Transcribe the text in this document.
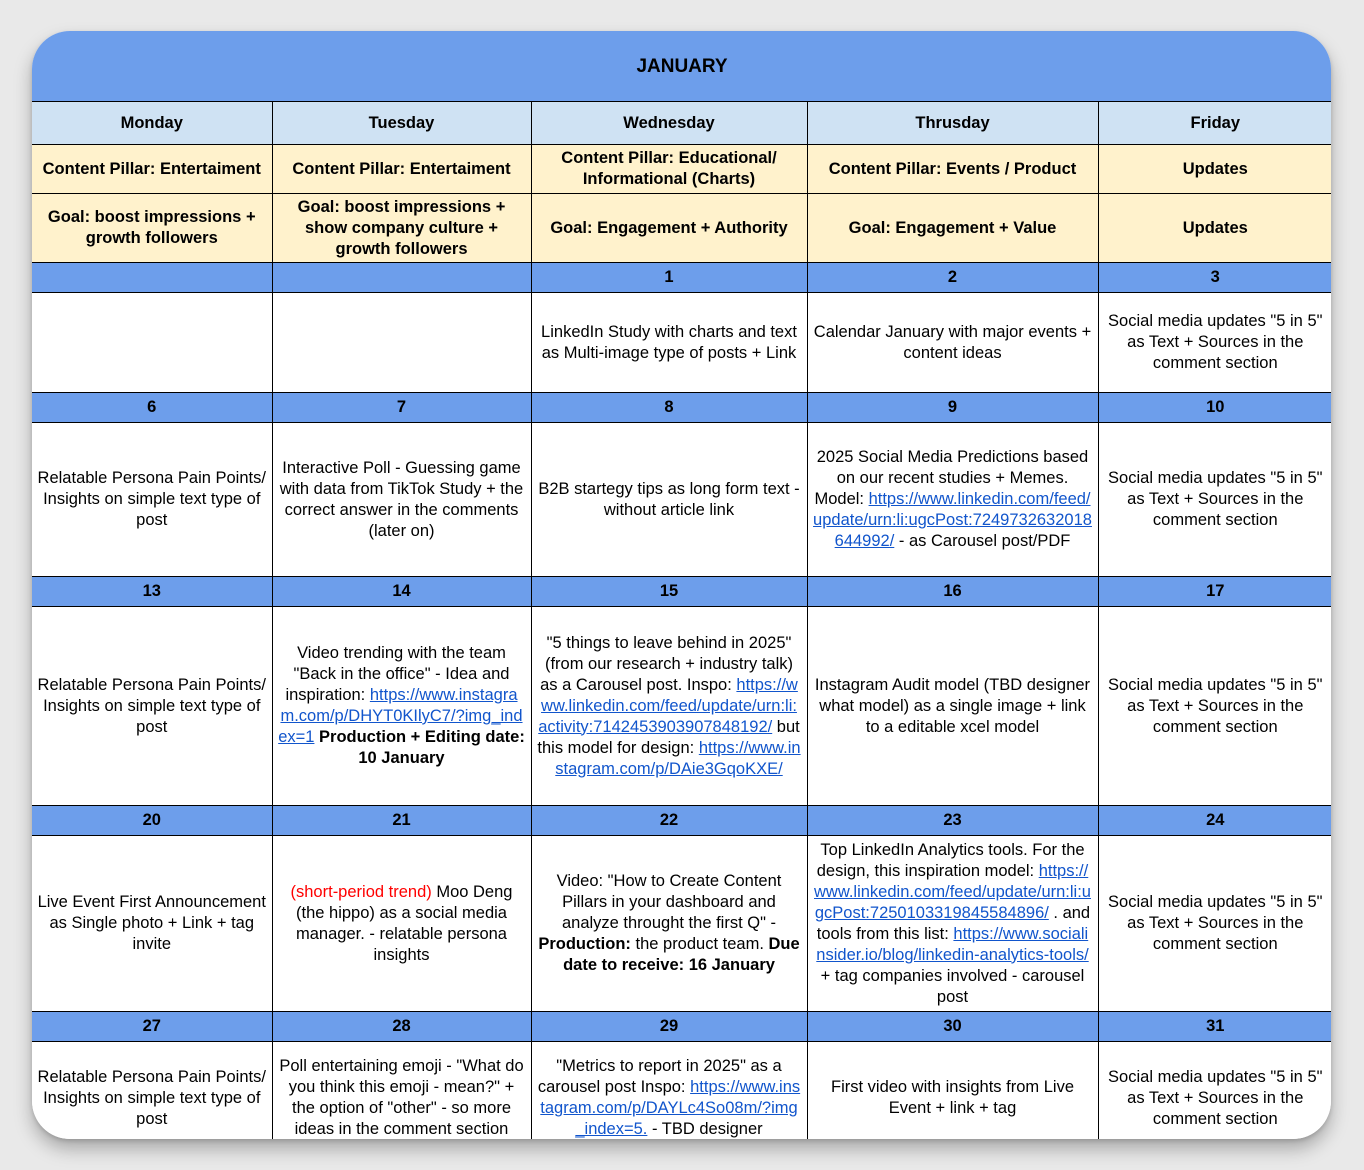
JANUARY				
Monday	Tuesday	Wednesday	Thrusday	Friday
Content Pillar: Entertaiment	Content Pillar: Entertaiment	Content Pillar: Educational/ Informational (Charts)	Content Pillar: Events / Product	Updates
Goal: boost impressions + growth followers	Goal: boost impressions + show company culture + growth followers	Goal: Engagement + Authority	Goal: Engagement + Value	Updates
		1	2	3
		LinkedIn Study with charts and text as Multi-image type of posts + Link	Calendar January with major events + content ideas	Social media updates "5 in 5" as Text + Sources in the comment section
6	7	8	9	10
Relatable Persona Pain Points/ Insights on simple text type of post	Interactive Poll - Guessing game with data from TikTok Study + the correct answer in the comments (later on)	B2B startegy tips as long form text - without article link	2025 Social Media Predictions based on our recent studies + Memes. Model: https://www.linkedin.com/feed/update/urn:li:ugcPost:7249732632018644992/ - as Carousel post/PDF	Social media updates "5 in 5" as Text + Sources in the comment section
13	14	15	16	17
Relatable Persona Pain Points/ Insights on simple text type of post	Video trending with the team "Back in the office" - Idea and inspiration: https://www.instagram.com/p/DHYT0KIlyC7/?img_index=1 Production + Editing date: 10 January	"5 things to leave behind in 2025" (from our research + industry talk) as a Carousel post. Inspo: https://www.linkedin.com/feed/update/urn:li:activity:7142453903907848192/ but this model for design: https://www.instagram.com/p/DAie3GqoKXE/	Instagram Audit model (TBD designer what model) as a single image + link to a editable xcel model	Social media updates "5 in 5" as Text + Sources in the comment section
20	21	22	23	24
Live Event First Announcement as Single photo + Link + tag invite	(short-period trend) Moo Deng (the hippo) as a social media manager. - relatable persona insights	Video: "How to Create Content Pillars in your dashboard and analyze throught the first Q" - Production: the product team. Due date to receive: 16 January	Top LinkedIn Analytics tools. For the design, this inspiration model: https://www.linkedin.com/feed/update/urn:li:ugcPost:7250103319845584896/ . and tools from this list: https://www.socialinsider.io/blog/linkedin-analytics-tools/ + tag companies involved - carousel post	Social media updates "5 in 5" as Text + Sources in the comment section
27	28	29	30	31
Relatable Persona Pain Points/ Insights on simple text type of post	Poll entertaining emoji - "What do you think this emoji - mean?" + the option of "other" - so more ideas in the comment section	"Metrics to report in 2025" as a carousel post Inspo: https://www.instagram.com/p/DAYLc4So08m/?img_index=5. - TBD designer	First video with insights from Live Event + link + tag	Social media updates "5 in 5" as Text + Sources in the comment section
